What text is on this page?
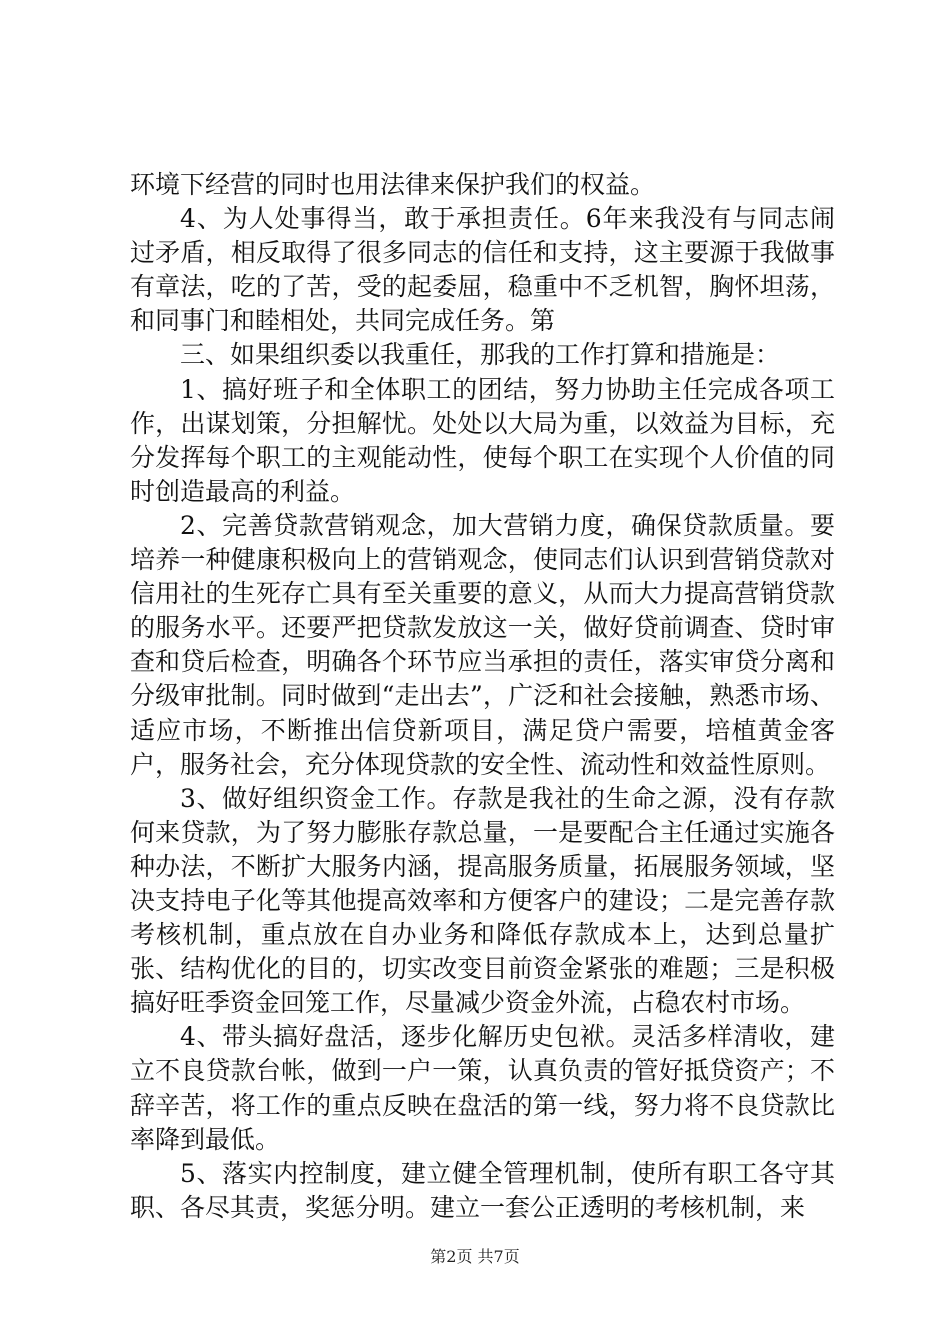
环境下经营的同时也用法律来保护我们的权益。

4、为人处事得当，敢于承担责任。6年来我没有与同志闹过矛盾，相反取得了很多同志的信任和支持，这主要源于我做事有章法，吃的了苦，受的起委屈，稳重中不乏机智，胸怀坦荡，和同事门和睦相处，共同完成任务。第

三、如果组织委以我重任，那我的工作打算和措施是：

1、搞好班子和全体职工的团结，努力协助主任完成各项工作，出谋划策，分担解忧。处处以大局为重，以效益为目标，充分发挥每个职工的主观能动性，使每个职工在实现个人价值的同时创造最高的利益。

2、完善贷款营销观念，加大营销力度，确保贷款质量。要培养一种健康积极向上的营销观念，使同志们认识到营销贷款对信用社的生死存亡具有至关重要的意义，从而大力提高营销贷款的服务水平。还要严把贷款发放这一关，做好贷前调查、贷时审查和贷后检查，明确各个环节应当承担的责任，落实审贷分离和分级审批制。同时做到“走出去”，广泛和社会接触，熟悉市场、适应市场，不断推出信贷新项目，满足贷户需要，培植黄金客户，服务社会，充分体现贷款的安全性、流动性和效益性原则。

3、做好组织资金工作。存款是我社的生命之源，没有存款何来贷款，为了努力膨胀存款总量，一是要配合主任通过实施各种办法，不断扩大服务内涵，提高服务质量，拓展服务领域，坚决支持电子化等其他提高效率和方便客户的建设；二是完善存款考核机制，重点放在自办业务和降低存款成本上，达到总量扩张、结构优化的目的，切实改变目前资金紧张的难题；三是积极搞好旺季资金回笼工作，尽量减少资金外流，占稳农村市场。

4、带头搞好盘活，逐步化解历史包袱。灵活多样清收，建立不良贷款台帐，做到一户一策，认真负责的管好抵贷资产；不辞辛苦，将工作的重点反映在盘活的第一线，努力将不良贷款比率降到最低。

5、落实内控制度，建立健全管理机制，使所有职工各守其职、各尽其责，奖惩分明。建立一套公正透明的考核机制，来

第2页 共7页
